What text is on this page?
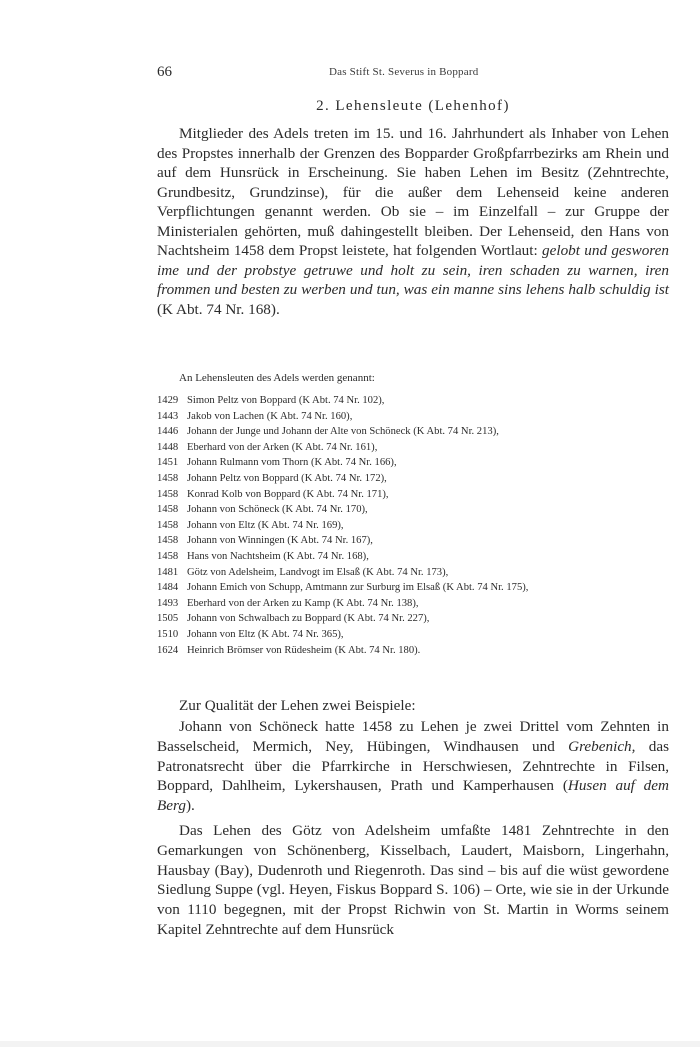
66	Das Stift St. Severus in Boppard
2. Lehensleute (Lehenhof)

Mitglieder des Adels treten im 15. und 16. Jahrhundert als Inhaber von Lehen des Propstes innerhalb der Grenzen des Bopparder Großpfarrbezirks am Rhein und auf dem Hunsrück in Erscheinung. Sie haben Lehen im Besitz (Zehntrechte, Grundbesitz, Grundzinse), für die außer dem Lehenseid keine anderen Verpflichtungen genannt werden. Ob sie – im Einzelfall – zur Gruppe der Ministerialen gehörten, muß dahingestellt bleiben. Der Lehenseid, den Hans von Nachtsheim 1458 dem Propst leistete, hat folgenden Wortlaut: gelobt und gesworen ime und der probstye getruwe und holt zu sein, iren schaden zu warnen, iren frommen und besten zu werben und tun, was ein manne sins lehens halb schuldig ist (K Abt. 74 Nr. 168).

An Lehensleuten des Adels werden genannt:

1429 Simon Peltz von Boppard (K Abt. 74 Nr. 102),
1443 Jakob von Lachen (K Abt. 74 Nr. 160),
1446 Johann der Junge und Johann der Alte von Schöneck (K Abt. 74 Nr. 213),
1448 Eberhard von der Arken (K Abt. 74 Nr. 161),
1451 Johann Rulmann vom Thorn (K Abt. 74 Nr. 166),
1458 Johann Peltz von Boppard (K Abt. 74 Nr. 172),
1458 Konrad Kolb von Boppard (K Abt. 74 Nr. 171),
1458 Johann von Schöneck (K Abt. 74 Nr. 170),
1458 Johann von Eltz (K Abt. 74 Nr. 169),
1458 Johann von Winningen (K Abt. 74 Nr. 167),
1458 Hans von Nachtsheim (K Abt. 74 Nr. 168),
1481 Götz von Adelsheim, Landvogt im Elsaß (K Abt. 74 Nr. 173),
1484 Johann Emich von Schupp, Amtmann zur Surburg im Elsaß (K Abt. 74 Nr. 175),
1493 Eberhard von der Arken zu Kamp (K Abt. 74 Nr. 138),
1505 Johann von Schwalbach zu Boppard (K Abt. 74 Nr. 227),
1510 Johann von Eltz (K Abt. 74 Nr. 365),
1624 Heinrich Brömser von Rüdesheim (K Abt. 74 Nr. 180).

Zur Qualität der Lehen zwei Beispiele:

Johann von Schöneck hatte 1458 zu Lehen je zwei Drittel vom Zehnten in Basselscheid, Mermich, Ney, Hübingen, Windhausen und Grebenich, das Patronatsrecht über die Pfarrkirche in Herschwiesen, Zehntrechte in Filsen, Boppard, Dahlheim, Lykershausen, Prath und Kamperhausen (Husen auf dem Berg).

Das Lehen des Götz von Adelsheim umfaßte 1481 Zehntrechte in den Gemarkungen von Schönenberg, Kisselbach, Laudert, Maisborn, Lingerhahn, Hausbay (Bay), Dudenroth und Riegenroth. Das sind – bis auf die wüst gewordene Siedlung Suppe (vgl. Heyen, Fiskus Boppard S. 106) – Orte, wie sie in der Urkunde von 1110 begegnen, mit der Propst Richwin von St. Martin in Worms seinem Kapitel Zehntrechte auf dem Hunsrück
